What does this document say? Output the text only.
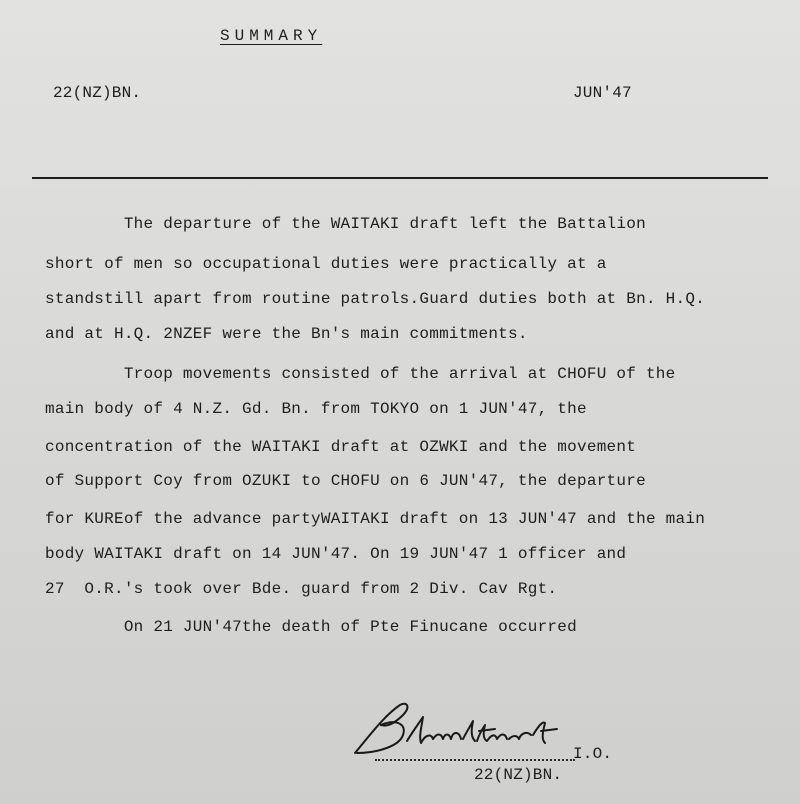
SUMMARY
22(NZ)BN.	JUN'47
The departure of the WAITAKI draft left the Battalion
short of men so occupational duties were practically at a
standstill apart from routine patrols.Guard duties both at Bn. H.Q.
and at H.Q. 2NZEF were the Bn's main commitments.
Troop movements consisted of the arrival at CHOFU of the
main body of 4 N.Z. Gd. Bn. from TOKYO on 1 JUN'47, the
concentration of the WAITAKI draft at OZWKI and the movement
of Support Coy from OZUKI to CHOFU on 6 JUN'47, the departure
for KUREof the advance partyWAITAKI draft on 13 JUN'47 and the main
body WAITAKI draft on 14 JUN'47. On 19 JUN'47 1 officer and
27  O.R.'s took over Bde. guard from 2 Div. Cav Rgt.
On 21 JUN'47the death of Pte Finucane occurred
I.O.
22(NZ)BN.
